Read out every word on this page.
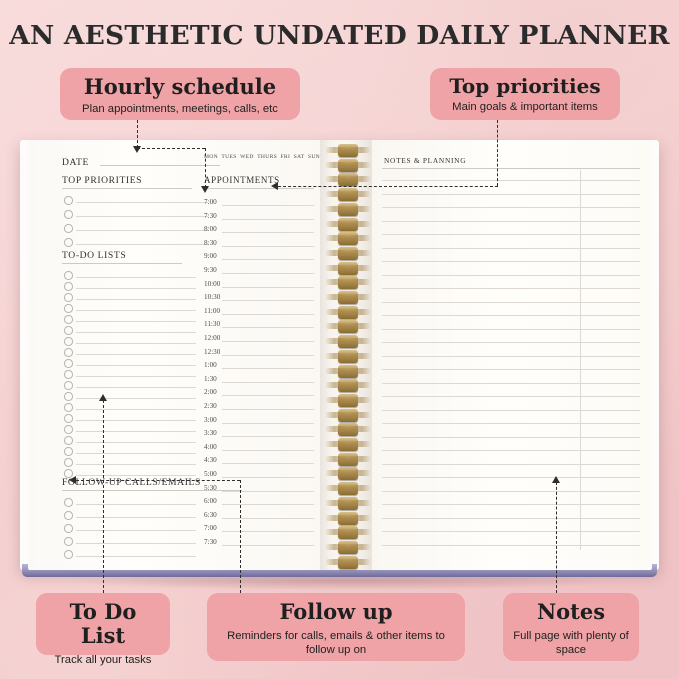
AN AESTHETIC UNDATED DAILY PLANNER
DATE
TOP PRIORITIES
TO-DO LISTS
FOLLOW-UP CALLS/EMAILS
MON TUES WED THURS FRI SAT SUN
APPOINTMENTS
7:00
7:30
8:00
8:30
9:00
9:30
10:00
10:30
11:00
11:30
12:00
12:30
1:00
1:30
2:00
2:30
3:00
3:30
4:00
4:30
5:00
5:30
6:00
6:30
7:00
7:30
NOTES & PLANNING
Hourly schedule
Plan appointments, meetings, calls, etc
Top priorities
Main goals & important items
To Do List
Track all your tasks
Follow up
Reminders for calls, emails & other items to follow up on
Notes
Full page with plenty of space
